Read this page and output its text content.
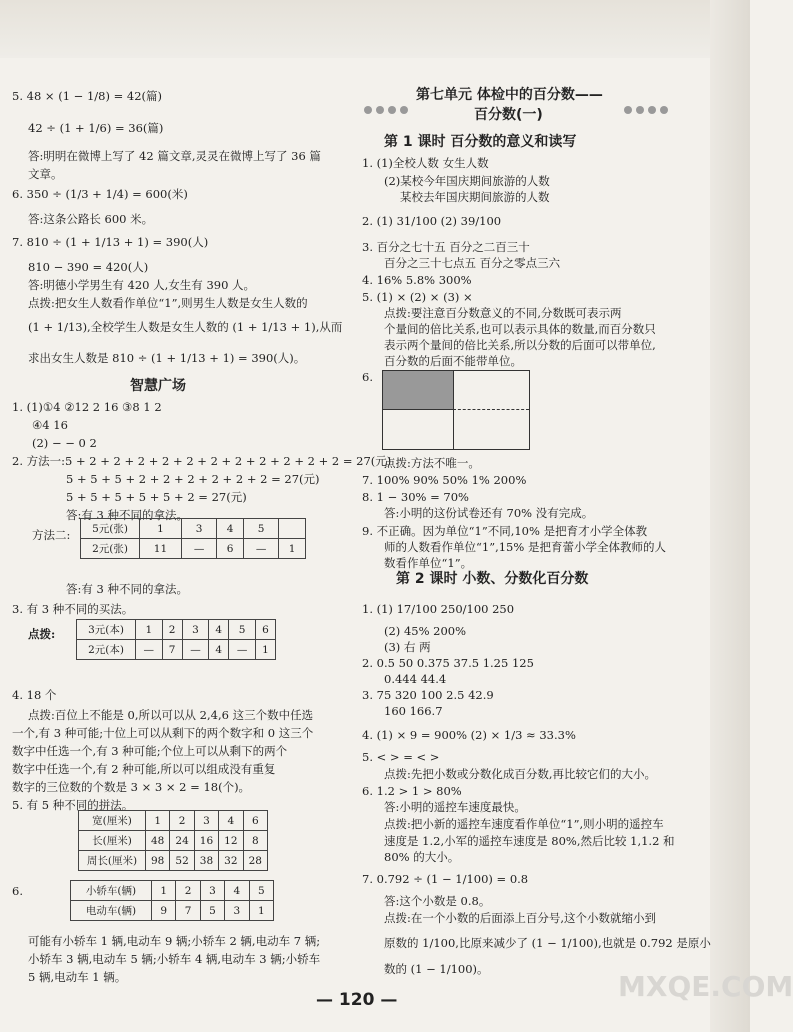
5. 48 × (1 − 1/8) = 42(篇)
42 ÷ (1 + 1/6) = 36(篇)
答:明明在微博上写了 42 篇文章,灵灵在微博上写了 36 篇
文章。
6. 350 ÷ (1/3 + 1/4) = 600(米)
答:这条公路长 600 米。
7. 810 ÷ (1 + 1/13 + 1) = 390(人)
810 − 390 = 420(人)
答:明德小学男生有 420 人,女生有 390 人。
点拨:把女生人数看作单位“1”,则男生人数是女生人数的
(1 + 1/13),全校学生人数是女生人数的 (1 + 1/13 + 1),从而
求出女生人数是 810 ÷ (1 + 1/13 + 1) = 390(人)。
智慧广场
1. (1)①4 ②12 2 16 ③8 1 2
④4 16
(2) − − 0 2
2. 方法一:5 + 2 + 2 + 2 + 2 + 2 + 2 + 2 + 2 + 2 + 2 + 2 = 27(元)
5 + 5 + 5 + 2 + 2 + 2 + 2 + 2 + 2 = 27(元)
5 + 5 + 5 + 5 + 5 + 2 = 27(元)
答:有 3 种不同的拿法。
方法二: 5元(张)	1	3	4	5	
2元(张)	11	—	6	—	1
答:有 3 种不同的拿法。
3. 有 3 种不同的买法。
点拨:	3元(本)	1	2	3	4	5	6
2元(本)	—	7	—	4	—	1
4. 18 个
点拨:百位上不能是 0,所以可以从 2,4,6 这三个数中任选
一个,有 3 种可能;十位上可以从剩下的两个数字和 0 这三个
数字中任选一个,有 3 种可能;个位上可以从剩下的两个
数字中任选一个,有 2 种可能,所以可以组成没有重复
数字的三位数的个数是 3 × 3 × 2 = 18(个)。
5. 有 5 种不同的拼法。
宽(厘米)	1	2	3	4	6
长(厘米)	48	24	16	12	8
周长(厘米)	98	52	38	32	28
6.	小轿车(辆)	1	2	3	4	5
电动车(辆)	9	7	5	3	1
可能有小轿车 1 辆,电动车 9 辆;小轿车 2 辆,电动车 7 辆;
小轿车 3 辆,电动车 5 辆;小轿车 4 辆,电动车 3 辆;小轿车
5 辆,电动车 1 辆。
第七单元 体检中的百分数——
百分数(一)
第 1 课时 百分数的意义和读写
1. (1)全校人数 女生人数
(2)某校今年国庆期间旅游的人数
某校去年国庆期间旅游的人数
2. (1) 31/100 (2) 39/100
3. 百分之七十五 百分之二百三十
百分之三十七点五 百分之零点三六
4. 16% 5.8% 300%
5. (1) × (2) × (3) ×
点拨:要注意百分数意义的不同,分数既可表示两
个量间的倍比关系,也可以表示具体的数量,而百分数只
表示两个量间的倍比关系,所以分数的后面可以带单位,
百分数的后面不能带单位。
6.
点拨:方法不唯一。
7. 100% 90% 50% 1% 200%
8. 1 − 30% = 70%
答:小明的这份试卷还有 70% 没有完成。
9. 不正确。因为单位“1”不同,10% 是把育才小学全体教
师的人数看作单位“1”,15% 是把育蕾小学全体教师的人
数看作单位“1”。
1. (1) 17/100 250/100 250
(2) 45% 200%
(3) 右 两
2. 0.5 50 0.375 37.5 1.25 125
0.444 44.4
3. 75 320 100 2.5 42.9
160 166.7
4. (1) × 9 = 900% (2) × 1/3 ≈ 33.3%
5. < > = < >
点拨:先把小数或分数化成百分数,再比较它们的大小。
6. 1.2 > 1 > 80%
答:小明的遥控车速度最快。
点拨:把小新的遥控车速度看作单位“1”,则小明的遥控车
速度是 1.2,小军的遥控车速度是 80%,然后比较 1,1.2 和
80% 的大小。
7. 0.792 ÷ (1 − 1/100) = 0.8
答:这个小数是 0.8。
点拨:在一个小数的后面添上百分号,这个小数就缩小到
原数的 1/100,比原来减少了 (1 − 1/100),也就是 0.792 是原小
数的 (1 − 1/100)。
第 2 课时 小数、分数化百分数
— 120 —	MXQE.COM
